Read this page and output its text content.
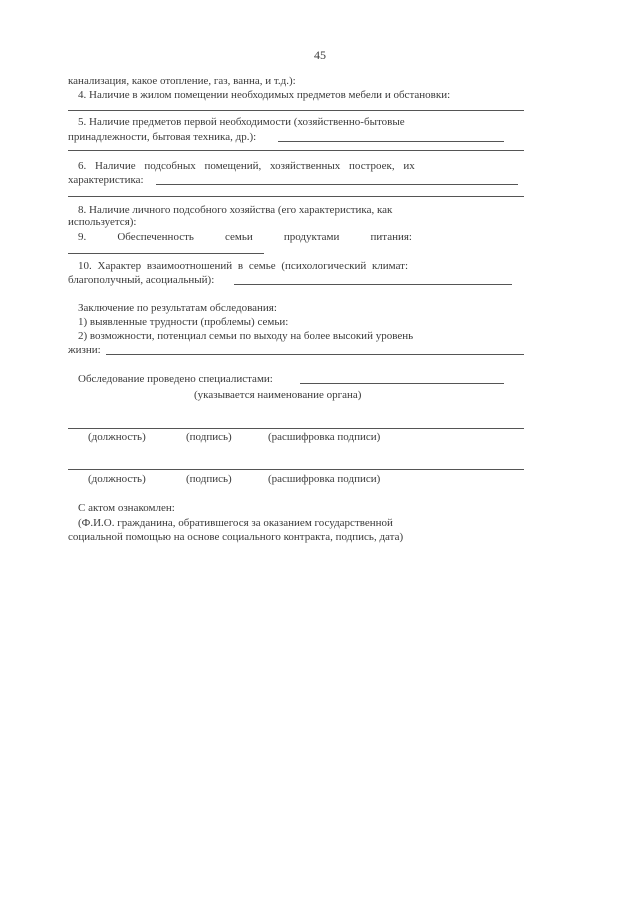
45
канализация, какое отопление, газ, ванна, и т.д.):
4. Наличие в жилом помещении необходимых предметов мебели и обстановки:
5. Наличие предметов первой необходимости (хозяйственно-бытовые
принадлежности, бытовая техника, др.):
6. Наличие подсобных помещений, хозяйственных построек, их
характеристика:
8. Наличие личного подсобного хозяйства (его характеристика, как
используется):
9.	Обеспеченность	семьи	продуктами	питания:
10. Характер взаимоотношений в семье (психологический климат:
благополучный, асоциальный):
Заключение по результатам обследования:
1) выявленные трудности (проблемы) семьи:
2) возможности, потенциал семьи по выходу на более высокий уровень
жизни:
Обследование проведено специалистами:
(указывается наименование органа)
(должность)	(подпись)	(расшифровка подписи)
(должность)	(подпись)	(расшифровка подписи)
С актом ознакомлен:
(Ф.И.О. гражданина, обратившегося за оказанием государственной
социальной помощью на основе социального контракта, подпись, дата)
